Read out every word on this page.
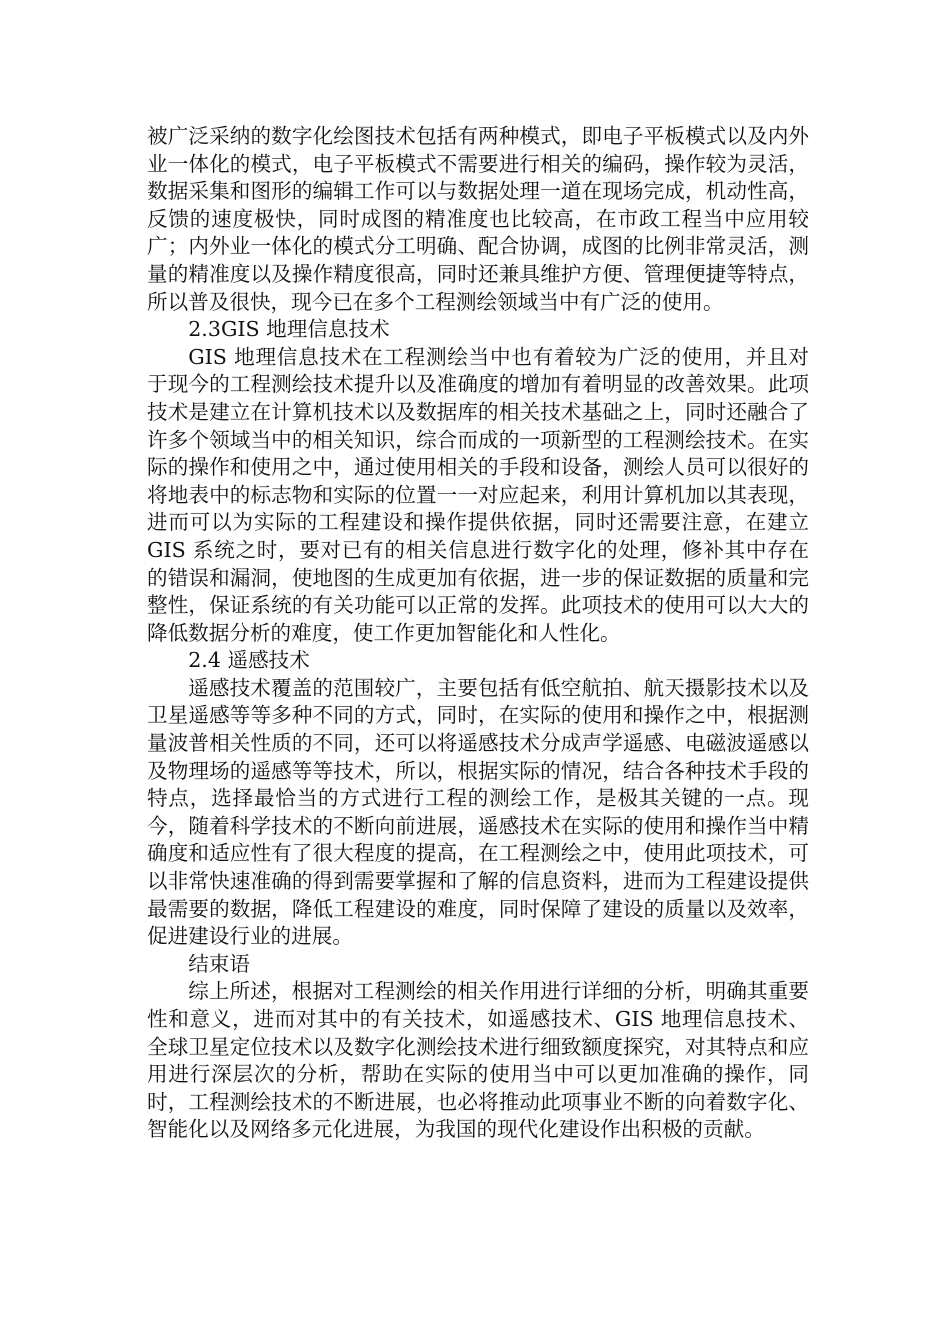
被广泛采纳的数字化绘图技术包括有两种模式，即电子平板模式以及内外业一体化的模式，电子平板模式不需要进行相关的编码，操作较为灵活，数据采集和图形的编辑工作可以与数据处理一道在现场完成，机动性高，反馈的速度极快，同时成图的精准度也比较高，在市政工程当中应用较广；内外业一体化的模式分工明确、配合协调，成图的比例非常灵活，测量的精准度以及操作精度很高，同时还兼具维护方便、管理便捷等特点，所以普及很快，现今已在多个工程测绘领域当中有广泛的使用。

2.3GIS 地理信息技术

GIS 地理信息技术在工程测绘当中也有着较为广泛的使用，并且对于现今的工程测绘技术提升以及准确度的增加有着明显的改善效果。此项技术是建立在计算机技术以及数据库的相关技术基础之上，同时还融合了许多个领域当中的相关知识，综合而成的一项新型的工程测绘技术。在实际的操作和使用之中，通过使用相关的手段和设备，测绘人员可以很好的将地表中的标志物和实际的位置一一对应起来，利用计算机加以其表现，进而可以为实际的工程建设和操作提供依据，同时还需要注意，在建立 GIS 系统之时，要对已有的相关信息进行数字化的处理，修补其中存在的错误和漏洞，使地图的生成更加有依据，进一步的保证数据的质量和完整性，保证系统的有关功能可以正常的发挥。此项技术的使用可以大大的降低数据分析的难度，使工作更加智能化和人性化。

2.4 遥感技术

遥感技术覆盖的范围较广，主要包括有低空航拍、航天摄影技术以及卫星遥感等等多种不同的方式，同时，在实际的使用和操作之中，根据测量波普相关性质的不同，还可以将遥感技术分成声学遥感、电磁波遥感以及物理场的遥感等等技术，所以，根据实际的情况，结合各种技术手段的特点，选择最恰当的方式进行工程的测绘工作，是极其关键的一点。现今，随着科学技术的不断向前进展，遥感技术在实际的使用和操作当中精确度和适应性有了很大程度的提高，在工程测绘之中，使用此项技术，可以非常快速准确的得到需要掌握和了解的信息资料，进而为工程建设提供最需要的数据，降低工程建设的难度，同时保障了建设的质量以及效率，促进建设行业的进展。

结束语

综上所述，根据对工程测绘的相关作用进行详细的分析，明确其重要性和意义，进而对其中的有关技术，如遥感技术、GIS 地理信息技术、全球卫星定位技术以及数字化测绘技术进行细致额度探究，对其特点和应用进行深层次的分析，帮助在实际的使用当中可以更加准确的操作，同时，工程测绘技术的不断进展，也必将推动此项事业不断的向着数字化、智能化以及网络多元化进展，为我国的现代化建设作出积极的贡献。
